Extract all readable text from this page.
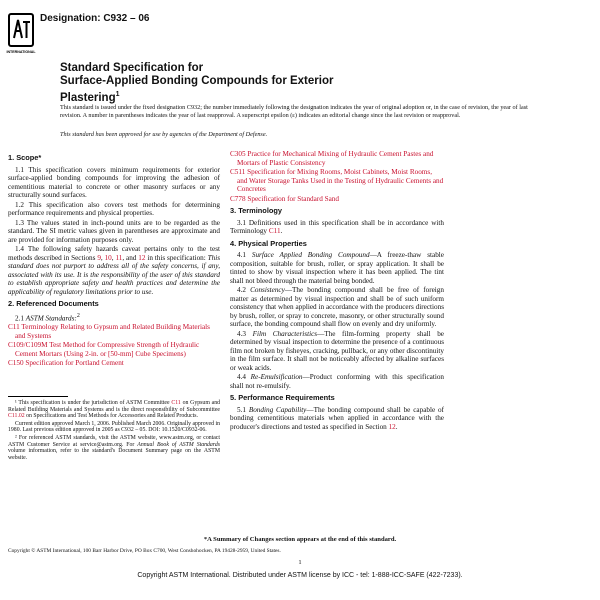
INTERNATIONAL
Designation: C932 – 06
Standard Specification for
Surface-Applied Bonding Compounds for Exterior
Plastering$^1$
This standard is issued under the fixed designation C932; the number immediately following the designation indicates the year of original adoption or, in the case of revision, the year of last revision. A number in parentheses indicates the year of last reapproval. A superscript epsilon (ε) indicates an editorial change since the last revision or reapproval.
This standard has been approved for use by agencies of the Department of Defense.
1. Scope*

1.1 This specification covers minimum requirements for exterior surface-applied bonding compounds for improving the adhesion of cementitious material to concrete or other masonry surfaces or any structurally sound surfaces.

1.2 This specification also covers test methods for determining performance requirements and physical properties.

1.3 The values stated in inch-pound units are to be regarded as the standard. The SI metric values given in parentheses are approximate and are provided for information purposes only.

1.4 The following safety hazards caveat pertains only to the test methods described in Sections 9, 10, 11, and 12 in this specification: This standard does not purport to address all of the safety concerns, if any, associated with its use. It is the responsibility of the user of this standard to establish appropriate safety and health practices and determine the applicability of regulatory limitations prior to use.

2. Referenced Documents

2.1 ASTM Standards:$^2$

C11 Terminology Relating to Gypsum and Related Building Materials and Systems
C109/C109M Test Method for Compressive Strength of Hydraulic Cement Mortars (Using 2-in. or [50-mm] Cube Specimens)
C150 Specification for Portland Cement

¹ This specification is under the jurisdiction of ASTM Committee C11 on Gypsum and Related Building Materials and Systems and is the direct responsibility of Subcommittee C11.02 on Specifications and Test Methods for Accessories and Related Products.

Current edition approved March 1, 2006. Published March 2006. Originally approved in 1980. Last previous edition approved in 2005 as C932 – 05. DOI: 10.1520/C0932-06.

² For referenced ASTM standards, visit the ASTM website, www.astm.org, or contact ASTM Customer Service at service@astm.org. For Annual Book of ASTM Standards volume information, refer to the standard's Document Summary page on the ASTM website.

C305 Practice for Mechanical Mixing of Hydraulic Cement Pastes and Mortars of Plastic Consistency
C511 Specification for Mixing Rooms, Moist Cabinets, Moist Rooms, and Water Storage Tanks Used in the Testing of Hydraulic Cements and Concretes
C778 Specification for Standard Sand
3. Terminology

3.1 Definitions used in this specification shall be in accordance with Terminology C11.

4. Physical Properties

4.1 Surface Applied Bonding Compound—A freeze-thaw stable composition, suitable for brush, roller, or spray application. It shall be tinted to show by visual inspection where it has been applied. The tint shall not bleed through the material being bonded.

4.2 Consistency—The bonding compound shall be free of foreign matter as determined by visual inspection and shall be of such uniform consistency that when applied in accordance with the producers directions by brush, roller, or spray to concrete, masonry, or other structurally sound surface, the bonding compound shall flow on evenly and dry uniformly.

4.3 Film Characteristics—The film-forming property shall be determined by visual inspection to determine the presence of a continuous film not broken by fisheyes, cracking, pullback, or any other discontinuity in the film surface. It shall not be noticeably affected by alkaline surfaces or weak acids.

4.4 Re-Emulsification—Product conforming with this specification shall not re-emulsify.

5. Performance Requirements

5.1 Bonding Capability—The bonding compound shall be capable of bonding cementitious materials when applied in accordance with the producer's directions and tested as specified in Section 12.

*A Summary of Changes section appears at the end of this standard.
Copyright © ASTM International, 100 Barr Harbor Drive, PO Box C700, West Conshohocken, PA 19428-2959, United States.
1
Copyright ASTM International. Distributed under ASTM license by ICC - tel: 1-888-ICC-SAFE (422-7233).
